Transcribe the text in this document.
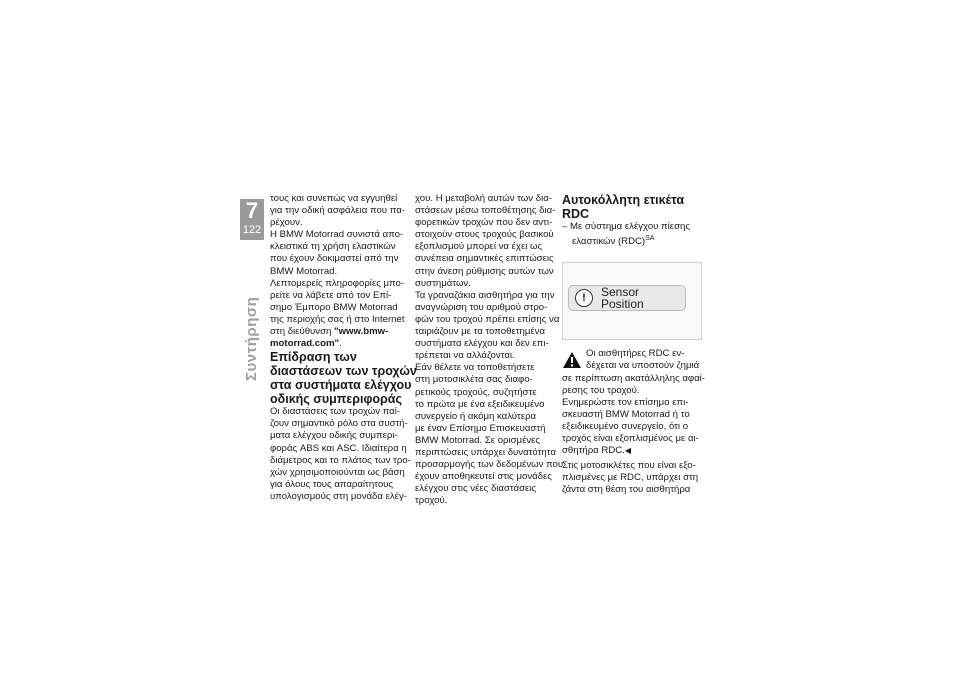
7
122
Συντήρηση

τους και συνεπώς να εγγυηθεί
για την οδική ασφάλεια που πα-
ρέχουν.

Η BMW Motorrad συνιστά απο-
κλειστικά τη χρήση ελαστικών
που έχουν δοκιμαστεί από την
BMW Motorrad.

Λεπτομερείς πληροφορίες μπο-
ρείτε να λάβετε από τον Επί-
σημο Έμπορο BMW Motorrad
της περιοχής σας ή στο Internet
στη διεύθυνση "www.bmw-
motorrad.com".

Επίδραση των
διαστάσεων των τροχών
στα συστήματα ελέγχου
οδικής συμπεριφοράς

Οι διαστάσεις των τροχών παί-
ζουν σημαντικό ρόλο στα συστή-
ματα ελέγχου οδικής συμπερι-
φοράς ABS και ASC. Ιδιαίτερα η
διάμετρος και το πλάτος των τρο-
χών χρησιμοποιούνται ως βάση
για όλους τους απαραίτητους
υπολογισμούς στη μονάδα ελέγ-

χου. Η μεταβολή αυτών των δια-
στάσεων μέσω τοποθέτησης δια-
φορετικών τροχών που δεν αντι-
στοιχούν στους τροχούς βασικού
εξοπλισμού μπορεί να έχει ως
συνέπεια σημαντικές επιπτώσεις
στην άνεση ρύθμισης αυτών των
συστημάτων.

Τα γραναζάκια αισθητήρα για την
αναγνώριση του αριθμού στρο-
φών του τροχού πρέπει επίσης να
ταιριάζουν με τα τοποθετημένα
συστήματα ελέγχου και δεν επι-
τρέπεται να αλλάζονται.

Εάν θέλετε να τοποθετήσετε
στη μοτοσικλέτα σας διαφο-
ρετικούς τροχούς, συζητήστε
το πρώτα με ένα εξειδικευμένο
συνεργείο ή ακόμη καλύτερα
με έναν Επίσημο Επισκευαστή
BMW Motorrad. Σε ορισμένες
περιπτώσεις υπάρχει δυνατότητα
προσαρμογής των δεδομένων που
έχουν αποθηκευτεί στις μονάδες
ελέγχου στις νέες διαστάσεις
τροχού.

Αυτοκόλλητη ετικέτα RDC

– Με σύστημα ελέγχου πίεσης
ελαστικών (RDC)$^{SA}$

!	Sensor Position

Οι αισθητήρες RDC εν-
δέχεται να υποστούν ζημιά
σε περίπτωση ακατάλληλης αφαί-
ρεσης του τροχού.

Ενημερώστε τον επίσημο επι-
σκευαστή BMW Motorrad ή το
εξειδικευμένο συνεργείο, ότι ο
τροχός είναι εξοπλισμένος με αι-
σθητήρα RDC.◀

Στις μοτοσικλέτες που είναι εξο-
πλισμένες με RDC, υπάρχει στη
ζάντα στη θέση του αισθητήρα
